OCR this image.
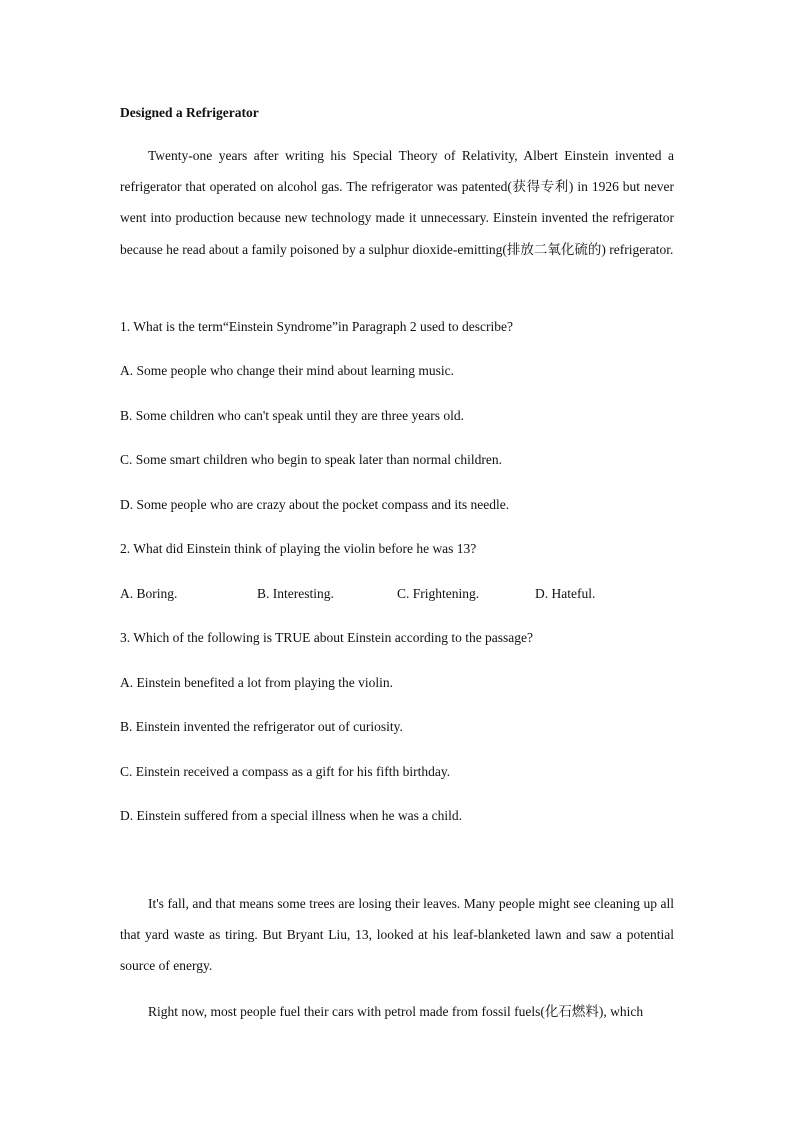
Designed a Refrigerator

Twenty-one years after writing his Special Theory of Relativity, Albert Einstein invented a refrigerator that operated on alcohol gas. The refrigerator was patented(获得专利) in 1926 but never went into production because new technology made it unnecessary. Einstein invented the refrigerator because he read about a family poisoned by a sulphur dioxide-emitting(排放二氧化硫的) refrigerator.

1. What is the term“Einstein Syndrome”in Paragraph 2 used to describe?
A. Some people who change their mind about learning music.
B. Some children who can't speak until they are three years old.
C. Some smart children who begin to speak later than normal children.
D. Some people who are crazy about the pocket compass and its needle.
2. What did Einstein think of playing the violin before he was 13?
A. Boring.	B. Interesting.	C. Frightening.	D. Hateful.
3. Which of the following is TRUE about Einstein according to the passage?
A. Einstein benefited a lot from playing the violin.
B. Einstein invented the refrigerator out of curiosity.
C. Einstein received a compass as a gift for his fifth birthday.
D. Einstein suffered from a special illness when he was a child.

It's fall, and that means some trees are losing their leaves. Many people might see cleaning up all that yard waste as tiring. But Bryant Liu, 13, looked at his leaf-blanketed lawn and saw a potential source of energy.

Right now, most people fuel their cars with petrol made from fossil fuels(化石燃料), which
